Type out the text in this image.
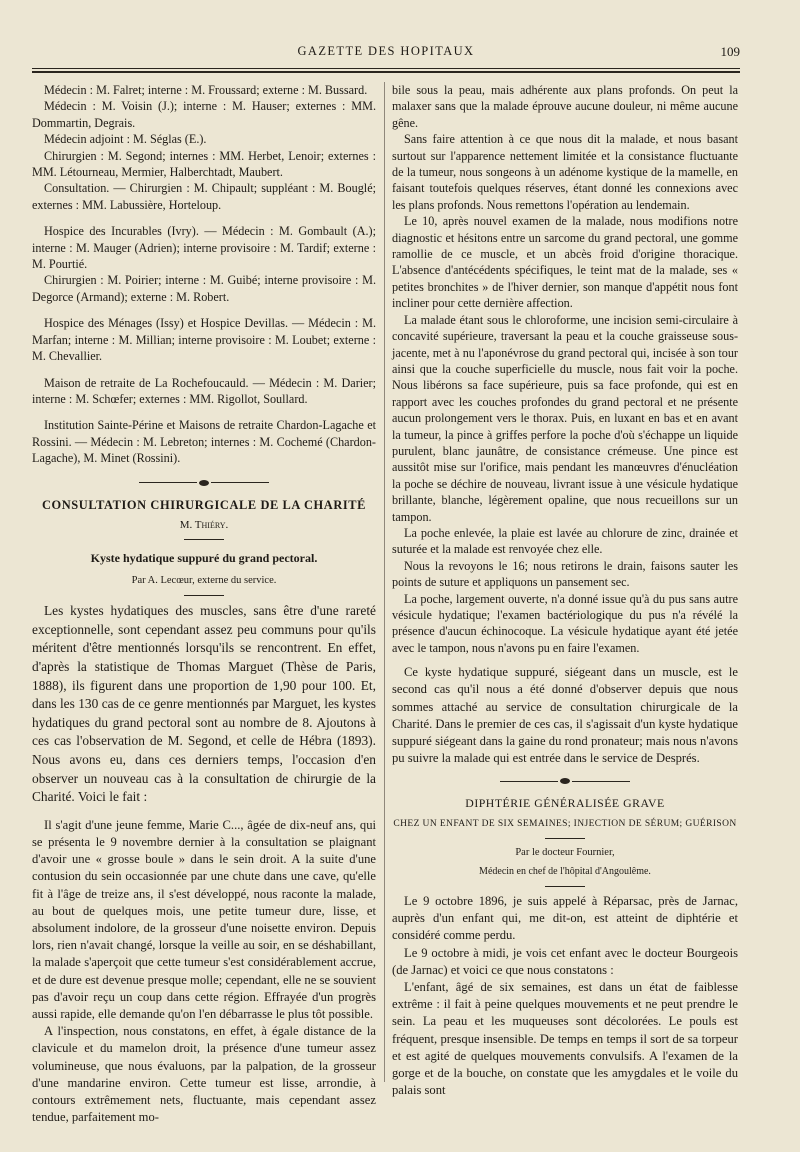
GAZETTE DES HOPITAUX	109

Médecin : M. Falret; interne : M. Froussard; externe : M. Bussard.

Médecin : M. Voisin (J.); interne : M. Hauser; externes : MM. Dommartin, Degrais.

Médecin adjoint : M. Séglas (E.).

Chirurgien : M. Segond; internes : MM. Herbet, Lenoir; externes : MM. Létourneau, Mermier, Halberchtadt, Maubert.

Consultation. — Chirurgien : M. Chipault; suppléant : M. Bouglé; externes : MM. Labussière, Horteloup.

Hospice des Incurables (Ivry). — Médecin : M. Gombault (A.); interne : M. Mauger (Adrien); interne provisoire : M. Tardif; externe : M. Pourtié.

Chirurgien : M. Poirier; interne : M. Guibé; interne provisoire : M. Degorce (Armand); externe : M. Robert.

Hospice des Ménages (Issy) et Hospice Devillas. — Médecin : M. Marfan; interne : M. Millian; interne provisoire : M. Loubet; externe : M. Chevallier.

Maison de retraite de La Rochefoucauld. — Médecin : M. Darier; interne : M. Schœfer; externes : MM. Rigollot, Soullard.

Institution Sainte-Périne et Maisons de retraite Chardon-Lagache et Rossini. — Médecin : M. Lebreton; internes : M. Cochemé (Chardon-Lagache), M. Minet (Rossini).

CONSULTATION CHIRURGICALE DE LA CHARITÉ

M. Thiéry.

Kyste hydatique suppuré du grand pectoral.

Par A. Lecœur, externe du service.

Les kystes hydatiques des muscles, sans être d'une rareté exceptionnelle, sont cependant assez peu communs pour qu'ils méritent d'être mentionnés lorsqu'ils se rencontrent. En effet, d'après la statistique de Thomas Marguet (Thèse de Paris, 1888), ils figurent dans une proportion de 1,90 pour 100. Et, dans les 130 cas de ce genre mentionnés par Marguet, les kystes hydatiques du grand pectoral sont au nombre de 8. Ajoutons à ces cas l'observation de M. Segond, et celle de Hébra (1893). Nous avons eu, dans ces derniers temps, l'occasion d'en observer un nouveau cas à la consultation de chirurgie de la Charité. Voici le fait :

Il s'agit d'une jeune femme, Marie C..., âgée de dix-neuf ans, qui se présenta le 9 novembre dernier à la consultation se plaignant d'avoir une « grosse boule » dans le sein droit. A la suite d'une contusion du sein occasionnée par une chute dans une cave, qu'elle fit à l'âge de treize ans, il s'est développé, nous raconte la malade, au bout de quelques mois, une petite tumeur dure, lisse, et absolument indolore, de la grosseur d'une noisette environ. Depuis lors, rien n'avait changé, lorsque la veille au soir, en se déshabillant, la malade s'aperçoit que cette tumeur s'est considérablement accrue, et de dure est devenue presque molle; cependant, elle ne se souvient pas d'avoir reçu un coup dans cette région. Effrayée d'un progrès aussi rapide, elle demande qu'on l'en débarrasse le plus tôt possible.

A l'inspection, nous constatons, en effet, à égale distance de la clavicule et du mamelon droit, la présence d'une tumeur assez volumineuse, que nous évaluons, par la palpation, de la grosseur d'une mandarine environ. Cette tumeur est lisse, arrondie, à contours extrêmement nets, fluctuante, mais cependant assez tendue, parfaitement mo-

bile sous la peau, mais adhérente aux plans profonds. On peut la malaxer sans que la malade éprouve aucune douleur, ni même aucune gêne.

Sans faire attention à ce que nous dit la malade, et nous basant surtout sur l'apparence nettement limitée et la consistance fluctuante de la tumeur, nous songeons à un adénome kystique de la mamelle, en faisant toutefois quelques réserves, étant donné les connexions avec les plans profonds. Nous remettons l'opération au lendemain.

Le 10, après nouvel examen de la malade, nous modifions notre diagnostic et hésitons entre un sarcome du grand pectoral, une gomme ramollie de ce muscle, et un abcès froid d'origine thoracique. L'absence d'antécédents spécifiques, le teint mat de la malade, ses « petites bronchites » de l'hiver dernier, son manque d'appétit nous font incliner pour cette dernière affection.

La malade étant sous le chloroforme, une incision semi-circulaire à concavité supérieure, traversant la peau et la couche graisseuse sous-jacente, met à nu l'aponévrose du grand pectoral qui, incisée à son tour ainsi que la couche superficielle du muscle, nous fait voir la poche. Nous libérons sa face supérieure, puis sa face profonde, qui est en rapport avec les couches profondes du grand pectoral et ne présente aucun prolongement vers le thorax. Puis, en luxant en bas et en avant la tumeur, la pince à griffes perfore la poche d'où s'échappe un liquide purulent, blanc jaunâtre, de consistance crémeuse. Une pince est aussitôt mise sur l'orifice, mais pendant les manœuvres d'énucléation la poche se déchire de nouveau, livrant issue à une vésicule hydatique brillante, blanche, légèrement opaline, que nous recueillons sur un tampon.

La poche enlevée, la plaie est lavée au chlorure de zinc, drainée et suturée et la malade est renvoyée chez elle.

Nous la revoyons le 16; nous retirons le drain, faisons sauter les points de suture et appliquons un pansement sec.

La poche, largement ouverte, n'a donné issue qu'à du pus sans autre vésicule hydatique; l'examen bactériologique du pus n'a révélé la présence d'aucun échinocoque. La vésicule hydatique ayant été jetée avec le tampon, nous n'avons pu en faire l'examen.

Ce kyste hydatique suppuré, siégeant dans un muscle, est le second cas qu'il nous a été donné d'observer depuis que nous sommes attaché au service de consultation chirurgicale de la Charité. Dans le premier de ces cas, il s'agissait d'un kyste hydatique suppuré siégeant dans la gaine du rond pronateur; mais nous n'avons pu suivre la malade qui est entrée dans le service de Després.

DIPHTÉRIE GÉNÉRALISÉE GRAVE

CHEZ UN ENFANT DE SIX SEMAINES; INJECTION DE SÉRUM; GUÉRISON

Par le docteur Fournier,

Médecin en chef de l'hôpital d'Angoulême.

Le 9 octobre 1896, je suis appelé à Réparsac, près de Jarnac, auprès d'un enfant qui, me dit-on, est atteint de diphtérie et considéré comme perdu.

Le 9 octobre à midi, je vois cet enfant avec le docteur Bourgeois (de Jarnac) et voici ce que nous constatons :

L'enfant, âgé de six semaines, est dans un état de faiblesse extrême : il fait à peine quelques mouvements et ne peut prendre le sein. La peau et les muqueuses sont décolorées. Le pouls est fréquent, presque insensible. De temps en temps il sort de sa torpeur et est agité de quelques mouvements convulsifs. A l'examen de la gorge et de la bouche, on constate que les amygdales et le voile du palais sont
